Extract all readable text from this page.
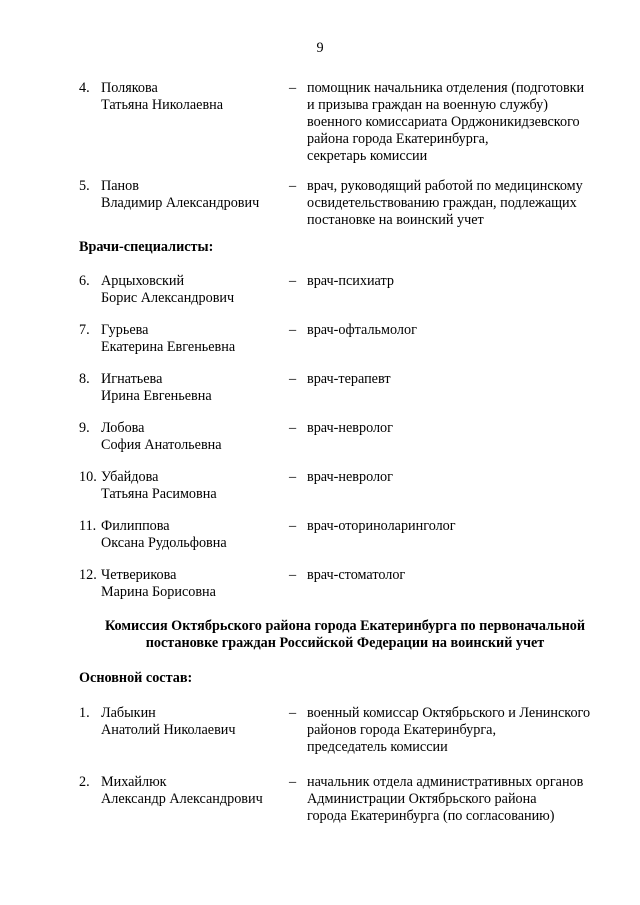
9
4. Полякова
Татьяна Николаевна
– помощник начальника отделения (подготовки
и призыва граждан на военную службу)
военного комиссариата Орджоникидзевского
района города Екатеринбурга,
секретарь комиссии
5. Панов
Владимир Александрович
– врач, руководящий работой по медицинскому
освидетельствованию граждан, подлежащих
постановке на воинский учет
Врачи-специалисты:
6. Арцыховский
Борис Александрович
– врач-психиатр
7. Гурьева
Екатерина Евгеньевна
– врач-офтальмолог
8. Игнатьева
Ирина Евгеньевна
– врач-терапевт
9. Лобова
София Анатольевна
– врач-невролог
10. Убайдова
Татьяна Расимовна
– врач-невролог
11. Филиппова
Оксана Рудольфовна
– врач-оториноларинголог
12. Четверикова
Марина Борисовна
– врач-стоматолог
Комиссия Октябрьского района города Екатеринбурга по первоначальной
постановке граждан Российской Федерации на воинский учет
Основной состав:
1. Лабыкин
Анатолий Николаевич
– военный комиссар Октябрьского и Ленинского
районов города Екатеринбурга,
председатель комиссии
2. Михайлюк
Александр Александрович
– начальник отдела административных органов
Администрации Октябрьского района
города Екатеринбурга (по согласованию)
